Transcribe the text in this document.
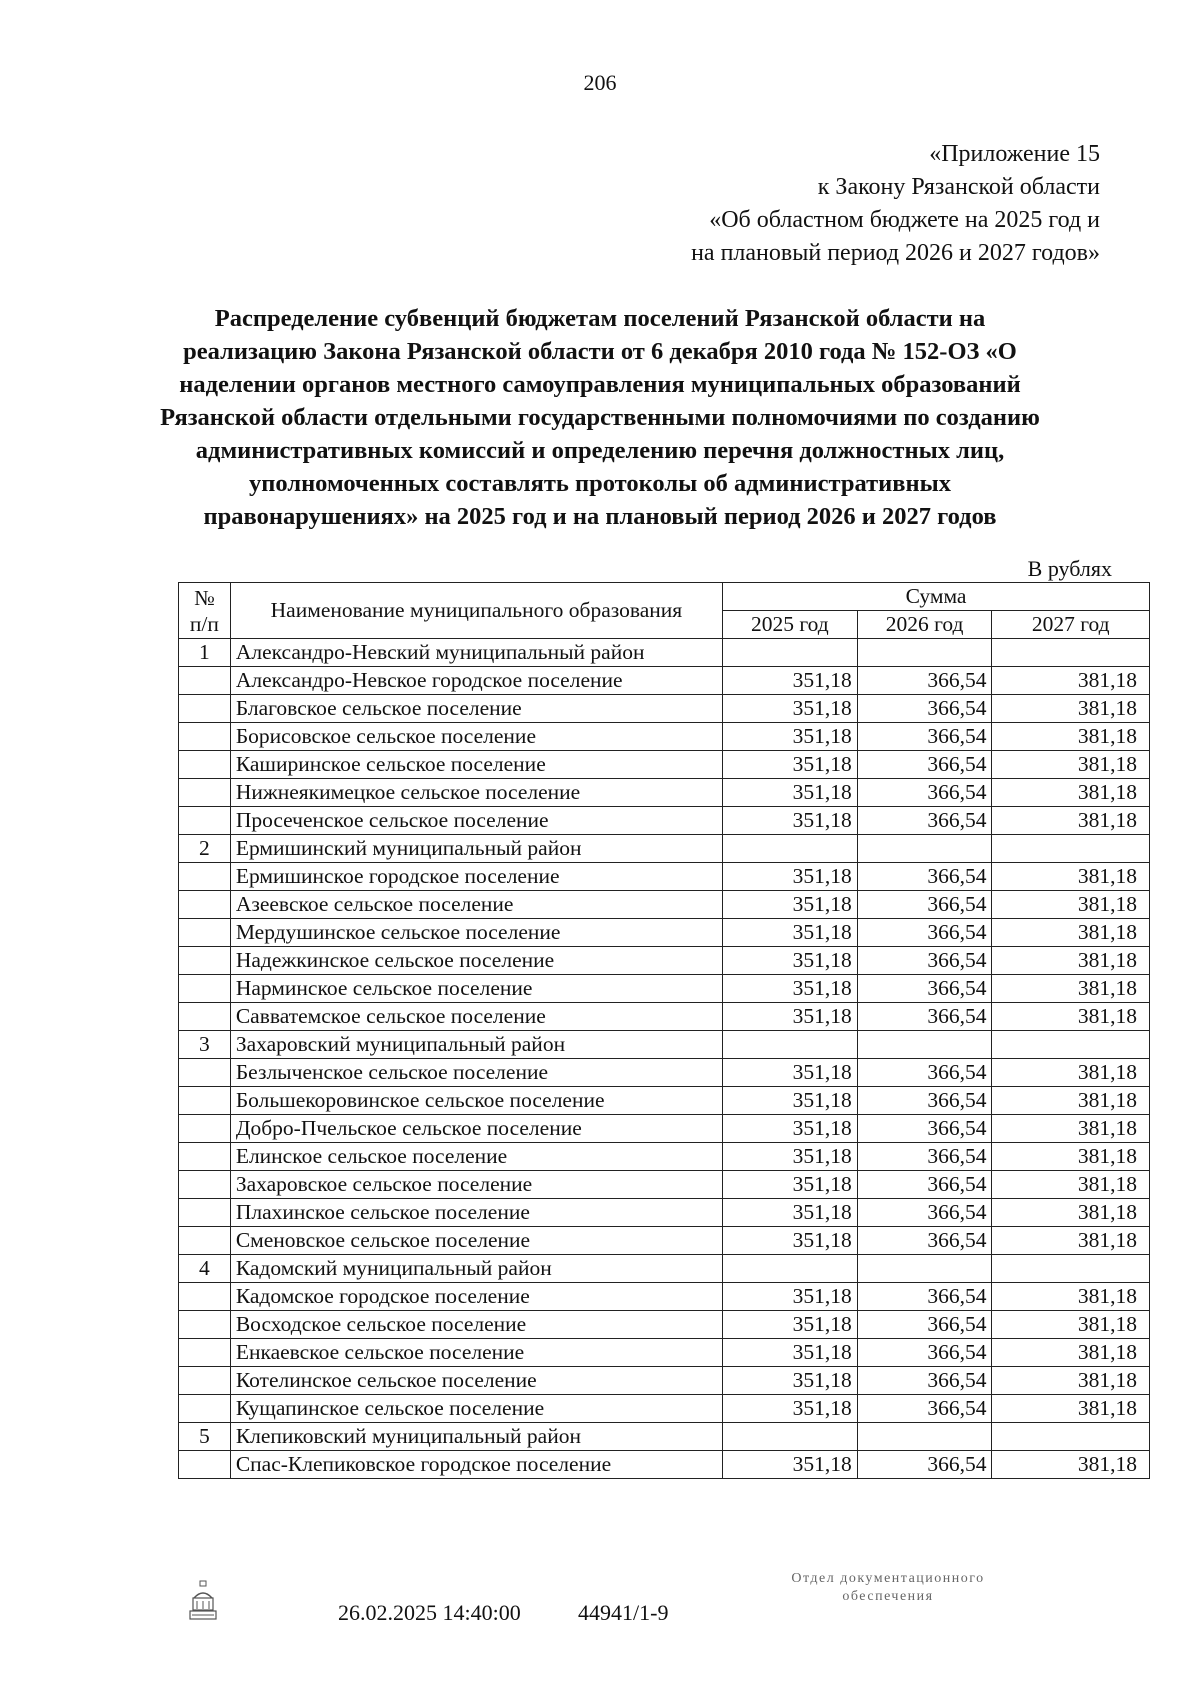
206
«Приложение 15
к Закону Рязанской области
«Об областном бюджете на 2025 год и
на плановый период 2026 и 2027 годов»
Распределение субвенций бюджетам поселений Рязанской области на реализацию Закона Рязанской области от 6 декабря 2010 года № 152-ОЗ «О наделении органов местного самоуправления муниципальных образований Рязанской области отдельными государственными полномочиями по созданию административных комиссий и определению перечня должностных лиц, уполномоченных составлять протоколы об административных правонарушениях» на 2025 год и на плановый период 2026 и 2027 годов
В рублях
№ п/п	Наименование муниципального образования	Сумма		
		2025 год	2026 год	2027 год
1	Александро-Невский муниципальный район			
	Александро-Невское городское поселение	351,18	366,54	381,18
	Благовское сельское поселение	351,18	366,54	381,18
	Борисовское сельское поселение	351,18	366,54	381,18
	Каширинское сельское поселение	351,18	366,54	381,18
	Нижнеякимецкое сельское поселение	351,18	366,54	381,18
	Просеченское сельское поселение	351,18	366,54	381,18
2	Ермишинский муниципальный район			
	Ермишинское городское поселение	351,18	366,54	381,18
	Азеевское сельское поселение	351,18	366,54	381,18
	Мердушинское сельское поселение	351,18	366,54	381,18
	Надежкинское сельское поселение	351,18	366,54	381,18
	Нарминское сельское поселение	351,18	366,54	381,18
	Савватемское сельское поселение	351,18	366,54	381,18
3	Захаровский муниципальный район			
	Безлыченское сельское поселение	351,18	366,54	381,18
	Большекоровинское сельское поселение	351,18	366,54	381,18
	Добро-Пчельское сельское поселение	351,18	366,54	381,18
	Елинское сельское поселение	351,18	366,54	381,18
	Захаровское сельское поселение	351,18	366,54	381,18
	Плахинское сельское поселение	351,18	366,54	381,18
	Сменовское сельское поселение	351,18	366,54	381,18
4	Кадомский муниципальный район			
	Кадомское городское поселение	351,18	366,54	381,18
	Восходское сельское поселение	351,18	366,54	381,18
	Енкаевское сельское поселение	351,18	366,54	381,18
	Котелинское сельское поселение	351,18	366,54	381,18
	Кущапинское сельское поселение	351,18	366,54	381,18
5	Клепиковский муниципальный район			
	Спас-Клепиковское городское поселение	351,18	366,54	381,18
26.02.2025 14:40:00	44941/1-9
Отдел документационного обеспечения
